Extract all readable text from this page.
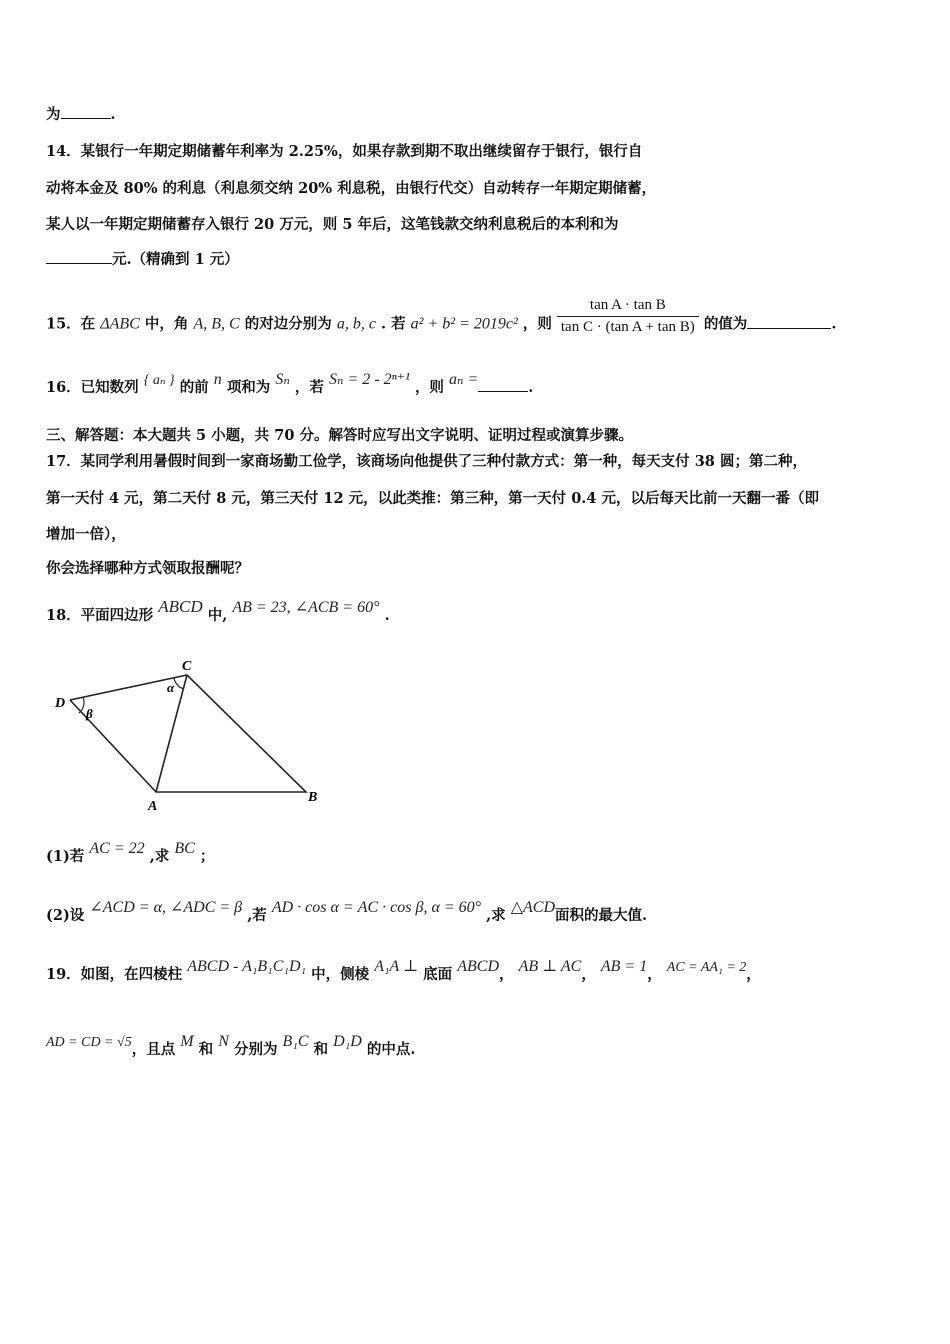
为	.
14．某银行一年期定期储蓄年利率为 2.25%，如果存款到期不取出继续留存于银行，银行自
动将本金及 80% 的利息（利息须交纳 20% 利息税，由银行代交）自动转存一年期定期储蓄，
某人以一年期定期储蓄存入银行 20 万元，则 5 年后，这笔钱款交纳利息税后的本利和为
元.（精确到 1 元）
15．在 ΔABC 中，角 A, B, C 的对边分别为 a, b, c . 若 a² + b² = 2019c² ，则 $\frac{\text{tan A · tan B}}{\text{tan C · (tan A + tan B)}}$ 的值为	.
16．已知数列 { aₙ } 的前 n 项和为 Sₙ ，若 Sₙ = 2 - 2ⁿ⁺¹ ，则 aₙ =	.
三、解答题：本大题共 5 小题，共 70 分。解答时应写出文字说明、证明过程或演算步骤。
17．某同学利用暑假时间到一家商场勤工俭学，该商场向他提供了三种付款方式：第一种，每天支付 38 圆；第二种，
第一天付 4 元，第二天付 8 元，第三天付 12 元，以此类推：第三种，第一天付 0.4 元，以后每天比前一天翻一番（即
增加一倍），
你会选择哪种方式领取报酬呢？
18．平面四边形 ABCD 中, AB = 23, ∠ACB = 60° .
C
D
A
B
α
β
(1)若 AC = 22 ,求 BC ；
(2)设 ∠ACD = α, ∠ADC = β ,若 AD · cos α = AC · cos β, α = 60° ,求 △ACD面积的最大值.
19．如图，在四棱柱 ABCD - A₁B₁C₁D₁ 中，侧棱 A₁A ⊥ 底面 ABCD， AB ⊥ AC， AB = 1， AC = AA₁ = 2，
AD = CD = √5，且点 M 和 N 分别为 B₁C 和 D₁D 的中点.
